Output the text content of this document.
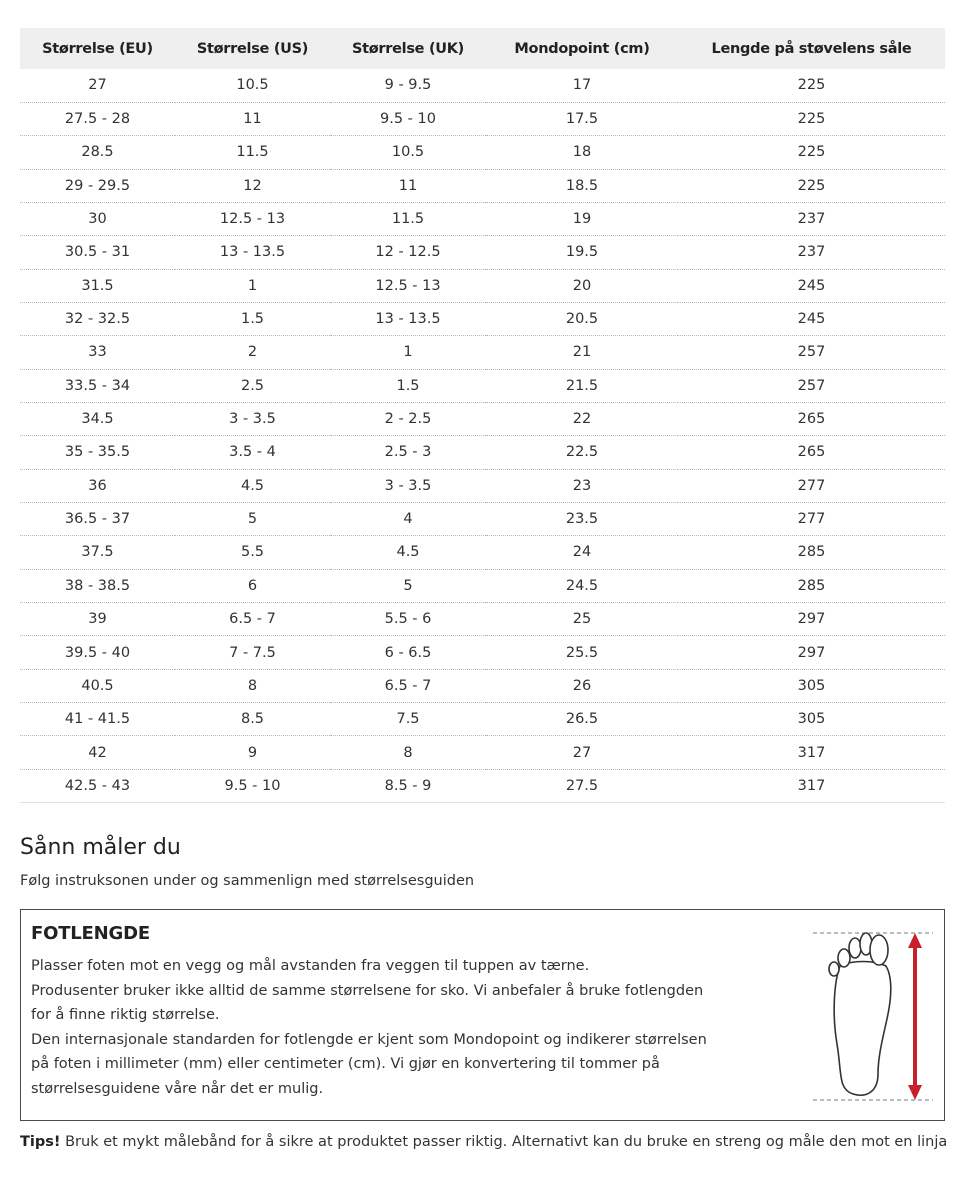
Størrelse (EU)	Størrelse (US)	Størrelse (UK)	Mondopoint (cm)	Lengde på støvelens såle
27	10.5	9 - 9.5	17	225
27.5 - 28	11	9.5 - 10	17.5	225
28.5	11.5	10.5	18	225
29 - 29.5	12	11	18.5	225
30	12.5 - 13	11.5	19	237
30.5 - 31	13 - 13.5	12 - 12.5	19.5	237
31.5	1	12.5 - 13	20	245
32 - 32.5	1.5	13 - 13.5	20.5	245
33	2	1	21	257
33.5 - 34	2.5	1.5	21.5	257
34.5	3 - 3.5	2 - 2.5	22	265
35 - 35.5	3.5 - 4	2.5 - 3	22.5	265
36	4.5	3 - 3.5	23	277
36.5 - 37	5	4	23.5	277
37.5	5.5	4.5	24	285
38 - 38.5	6	5	24.5	285
39	6.5 - 7	5.5 - 6	25	297
39.5 - 40	7 - 7.5	6 - 6.5	25.5	297
40.5	8	6.5 - 7	26	305
41 - 41.5	8.5	7.5	26.5	305
42	9	8	27	317
42.5 - 43	9.5 - 10	8.5 - 9	27.5	317
Sånn måler du

Følg instruksonen under og sammenlign med størrelsesguiden

FOTLENGDE
Plasser foten mot en vegg og mål avstanden fra veggen til tuppen av tærne.
Produsenter bruker ikke alltid de samme størrelsene for sko. Vi anbefaler å bruke fotlengden for å finne riktig størrelse.
Den internasjonale standarden for fotlengde er kjent som Mondopoint og indikerer størrelsen på foten i millimeter (mm) eller centimeter (cm). Vi gjør en konvertering til tommer på størrelsesguidene våre når det er mulig.

Tips! Bruk et mykt målebånd for å sikre at produktet passer riktig. Alternativt kan du bruke en streng og måle den mot en linja
